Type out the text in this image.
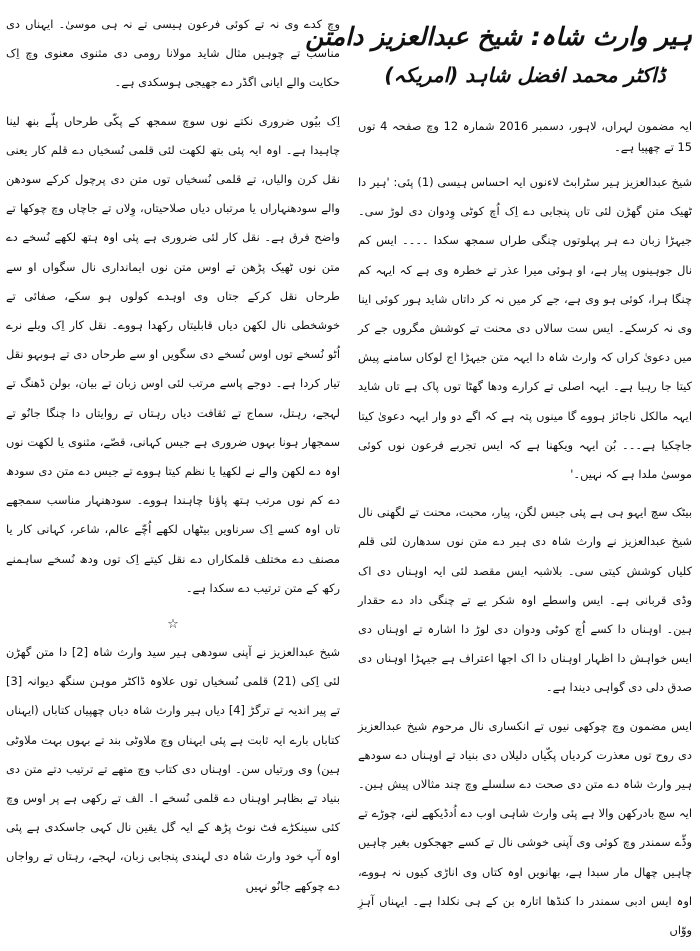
ہیر وارث شاہ: شیخ عبدالعزیز دامتن
ڈاکٹر محمد افضل شاہد (امریکہ)

ایہ مضمون لہراں، لاہور، دسمبر 2016 شمارہ 12 وچ صفحہ 4 توں 15 تے چھپیا ہے۔

شیخ عبدالعزیز ہیر سٹرابٹ لاءنوں ایہ احساس ہیسی (1) پئی: 'ہیر دا ٹھیک متن گھڑن لئی تاں پنجابی دے اِک اُچ کوٹی وِدوان دی لوڑ سی۔ جیہڑا زبان دے ہر پہلوتوں چنگی طراں سمجھ سکدا ۔۔۔۔ ایس کم نال جوہینوں پیار ہے، او ہوئی میرا عذر تے خطرہ وی ہے کہ ایہہ کم چنگا ہرا، کوئی ہو وی ہے، جے کر میں نہ کر داتاں شاید ہور کوئی اینا وی نہ کرسکے۔ ایس ست سالاں دی محنت تے کوشش مگروں جے کر میں دعویٰ کراں کہ وارث شاہ دا ایہہ متن جیہڑا اج لوکاں سامنے پیش کیتا جا رہیا ہے۔ ایہہ اصلی تے کرارے ودھا گھٹا توں پاک ہے تاں شاید ایہہ مالکل ناجائز ہووے گا مینوں پتہ ہے کہ اگے دو وار ایہہ دعویٰ کیتا جاچکیا ہے۔۔۔ بُن ایہہ ویکھنا ہے کہ ایس تجربے فرعون نوں کوئی موسیٰ ملدا ہے کہ نہیں۔'

بیٹک سچ ایہو ہی ہے پئی جیس لگن، پیار، محبت، محنت تے لگھنی نال شیخ عبدالعزیز نے وارث شاہ دی ہیر دے متن نوں سدھارن لئی قلم کلیاں کوشش کیتی سی۔ بلاشبہ ایس مقصد لئی ایہ اوہناں دی اک وڈی قربانی ہے۔ ایس واسطے اوہ شکر یے تے چنگی داد دے حقدار ہین۔ اوہناں دا کسے اُچ کوٹی ودوان دی لوڑ دا اشارہ تے اوہناں دی ایس خواہش دا اظہار اوہناں دا اک اجھا اعتراف ہے جیہڑا اوہناں دی صدق دلی دی گواہی دیندا ہے۔

ایس مضمون وچ چوکھی نیوں تے انکساری نال مرحوم شیخ عبدالعزیز دی روح توں معذرت کردیاں پکّیاں دلیلاں دی بنیاد تے اوہناں دے سودھے ہیر وارث شاہ دے متن دی صحت دے سلسلے وچ چند مثالاں پیش ہین۔ ایہ سچ بادرکھن والا ہے پئی وارث شاہی اوب دے اُدڈیکھے لنے، چوڑے تے وڈّے سمندر وچ کوئی وی آپنی خوشی نال تے کسے جھجکوں بغیر چاہیں چاہیں چھال مار سبدا ہے، بھانویں اوہ کتاں وی اناڑی کیوں نہ ہووے، اوہ ایس ادبی سمندر دا کنڈھا اتارہ بن کے ہی نکلدا ہے۔ ایہناں آہزِ ووّاں

وچ کدے وی نہ تے کوئی فرعون ہیسی تے نہ ہی موسیٰ۔ ایہناں دی مناسب تے چوہیں مثال شاید مولانا رومی دی مثنوی معنوی وچ اِک حکایت والے ایانی اگڈر دے جھیجی ہوسکدی ہے۔

اِک بیُوں ضروری نکتے نوں سوچ سمجھ کے پکّی طرحاں پلّے بنھ لینا چاہیدا ہے۔ اوہ ایہ پئی بتھ لکھت لئی قلمی نُسخیاں دے قلم کار یعنی نقل کرن والیاں، تے قلمی نُسخیاں توں متن دی پرچول کرکے سودھن والے سودھنہاراں یا مرتباں دیاں صلاحیتاں، وِلاں تے جاچاں وچ چوکھا تے واضح فرق ہے۔ نقل کار لئی ضروری ہے پئی اوہ ہتھ لکھے نُسخے دے متن نوں ٹھیک پڑھن تے اوس متن نوں ایمانداری نال سگواں او سے طرحاں نقل کرکے جتاں وی اوہدے کولوں ہو سکے، صفائی تے خوشخطی نال لکھن دیاں قابلیتاں رکھدا ہووے۔ نقل کار اِک ویلے نرے اُٹو نُسخے توں اوس نُسخے دی سگویں او سے طرحاں دی تے ہوبہو نقل تیار کردا ہے۔ دوجے پاسے مرتب لئی اوس زبان تے بیان، بولن ڈھنگ تے لہجے، رہتل، سماج تے ثقافت دیاں رہتاں تے روایتاں دا چنگا جانُو تے سمجھار ہونا بہوں ضروری ہے جیس کہانی، قصّے، مثنوی یا لکھت نوں اوہ دے لکھن والے نے لکھیا یا نظم کیتا ہووے تے جیس دے متن دی سودھ دے کم نوں مرتب ہتھ پاؤنا چاہندا ہووے۔ سودھنہار مناسب سمجھے تاں اوہ کسے اِک سرناویں بیٹھاں لکھے اُچّے عالم، شاعر، کہانی کار یا مصنف دے مختلف قلمکاراں دے نقل کیتے اِک توں ودھ نُسخے ساہمنے رکھ کے متن ترتیب دے سکدا ہے۔

☆

شیخ عبدالعزیز نے آپنی سودھی ہیر سید وارث شاہ [2] دا متن گھڑن لئی اِکی (21) قلمی نُسخیاں توں علاوہ ڈاکٹر موہن سنگھ دیوانہ [3] تے پیر اندیہ تے ترگڑ [4] دیاں ہیر وارث شاہ دیاں چھپیاں کتاباں (ایہناں کتاباں بارے ایہ ثابت ہے پئی ایہناں وچ ملاوٹی بند تے بہوں بہت ملاوٹی ہین) وی ورتیاں سن۔ اوہناں دی کتاب وچ متھے تے ترتیب دتے متن دی بنیاد تے بظاہر اوہناں دے قلمی نُسخے ا۔ الف تے رکھی ہے پر اوس وچ کئی سینکڑے فٹ نوٹ پڑھ کے ایہ گل یقین نال کہی جاسکدی ہے پئی اوہ آپ خود وارث شاہ دی لہندی پنجابی زبان، لہجے، رہتاں تے رواجاں دے چوکھے جانُو نہیں
